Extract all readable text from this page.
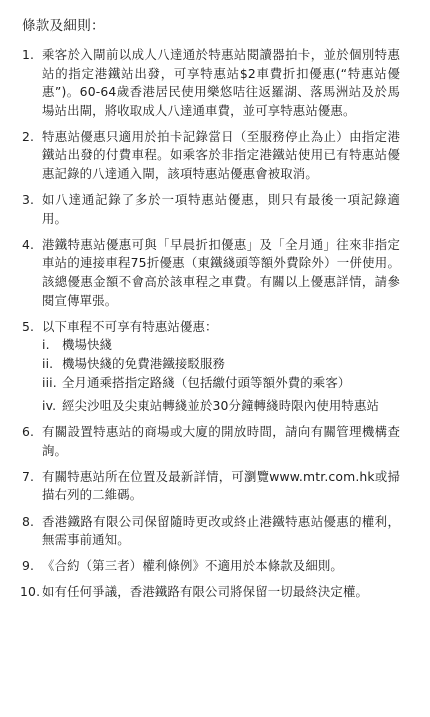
條款及細則：
1. 乘客於入閘前以成人八達通於特惠站閱讀器拍卡，並於個別特惠站的指定港鐵站出發，可享特惠站$2車費折扣優惠(“特惠站優惠”)。60-64歲香港居民使用樂悠咭往返羅湖、落馬洲站及於馬場站出閘，將收取成人八達通車費，並可享特惠站優惠。
2. 特惠站優惠只適用於拍卡記錄當日（至服務停止為止）由指定港鐵站出發的付費車程。如乘客於非指定港鐵站使用已有特惠站優惠記錄的八達通入閘，該項特惠站優惠會被取消。
3. 如八達通記錄了多於一項特惠站優惠，則只有最後一項記錄適用。
4. 港鐵特惠站優惠可與「早晨折扣優惠」及「全月通」往來非指定車站的連接車程75折優惠（東鐵綫頭等額外費除外）一併使用。該總優惠金額不會高於該車程之車費。有關以上優惠詳情，請參閱宣傳單張。
5. 以下車程不可享有特惠站優惠：
i. 機場快綫
ii. 機場快綫的免費港鐵接駁服務
iii. 全月通乘搭指定路綫（包括繳付頭等額外費的乘客）
iv. 經尖沙咀及尖東站轉綫並於30分鐘轉綫時限內使用特惠站
6. 有關設置特惠站的商場或大廈的開放時間，請向有關管理機構查詢。
7. 有關特惠站所在位置及最新詳情，可瀏覽www.mtr.com.hk或掃描右列的二維碼。
8. 香港鐵路有限公司保留隨時更改或終止港鐵特惠站優惠的權利，無需事前通知。
9. 《合約（第三者）權利條例》不適用於本條款及細則。
10. 如有任何爭議，香港鐵路有限公司將保留一切最終決定權。
